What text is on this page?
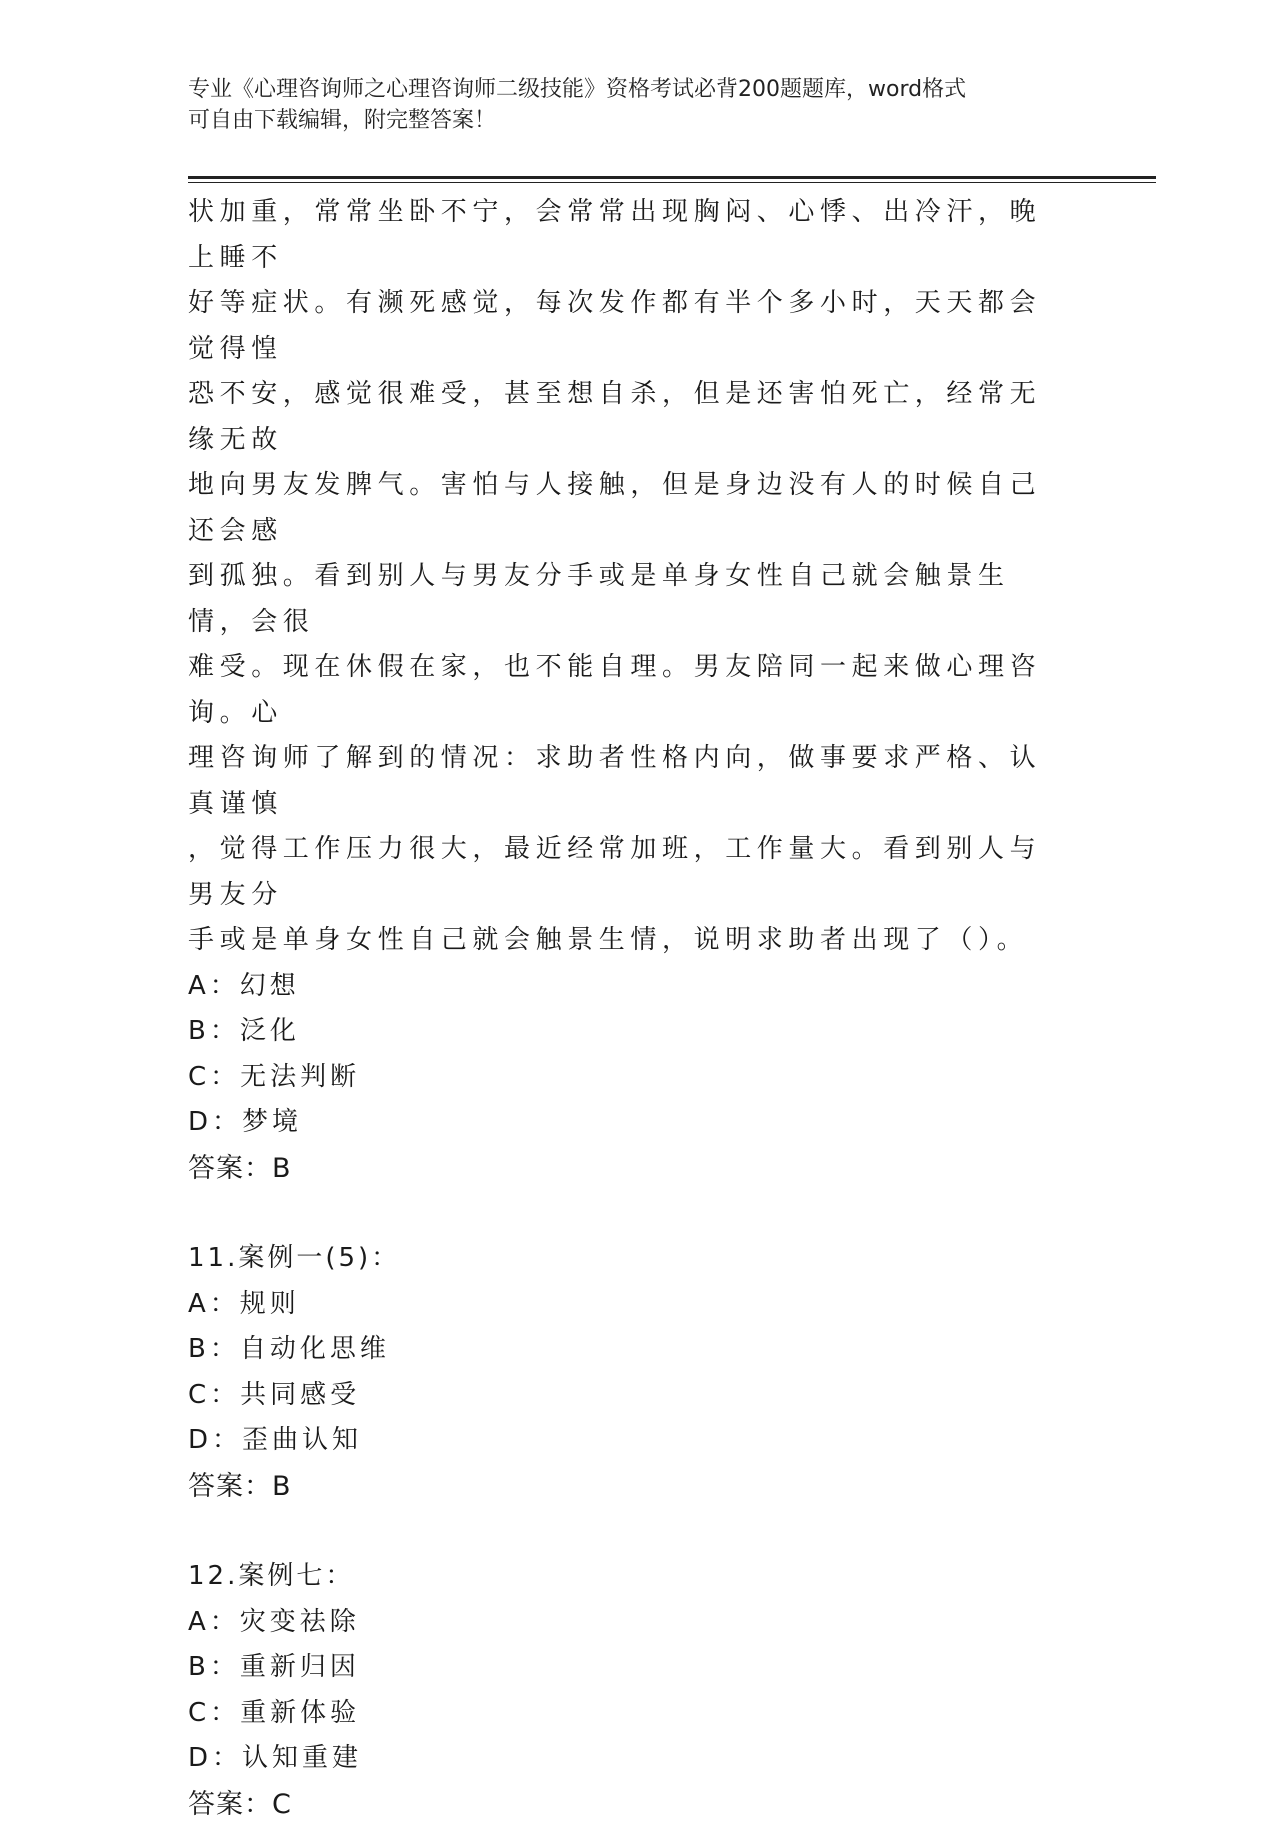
专业《心理咨询师之心理咨询师二级技能》资格考试必背200题题库，word格式
可自由下载编辑，附完整答案！

状加重，常常坐卧不宁，会常常出现胸闷、心悸、出冷汗，晚上睡不

好等症状。有濒死感觉，每次发作都有半个多小时，天天都会觉得惶

恐不安，感觉很难受，甚至想自杀，但是还害怕死亡，经常无缘无故

地向男友发脾气。害怕与人接触，但是身边没有人的时候自己还会感

到孤独。看到别人与男友分手或是单身女性自己就会触景生情，会很

难受。现在休假在家，也不能自理。男友陪同一起来做心理咨询。心

理咨询师了解到的情况：求助者性格内向，做事要求严格、认真谨慎

，觉得工作压力很大，最近经常加班，工作量大。看到别人与男友分

手或是单身女性自己就会触景生情，说明求助者出现了（）。

A：幻想

B：泛化

C：无法判断

D：梦境

答案：B

11.案例一(5)：

A：规则

B：自动化思维

C：共同感受

D：歪曲认知

答案：B

12.案例七：

A：灾变祛除

B：重新归因

C：重新体验

D：认知重建

答案：C
